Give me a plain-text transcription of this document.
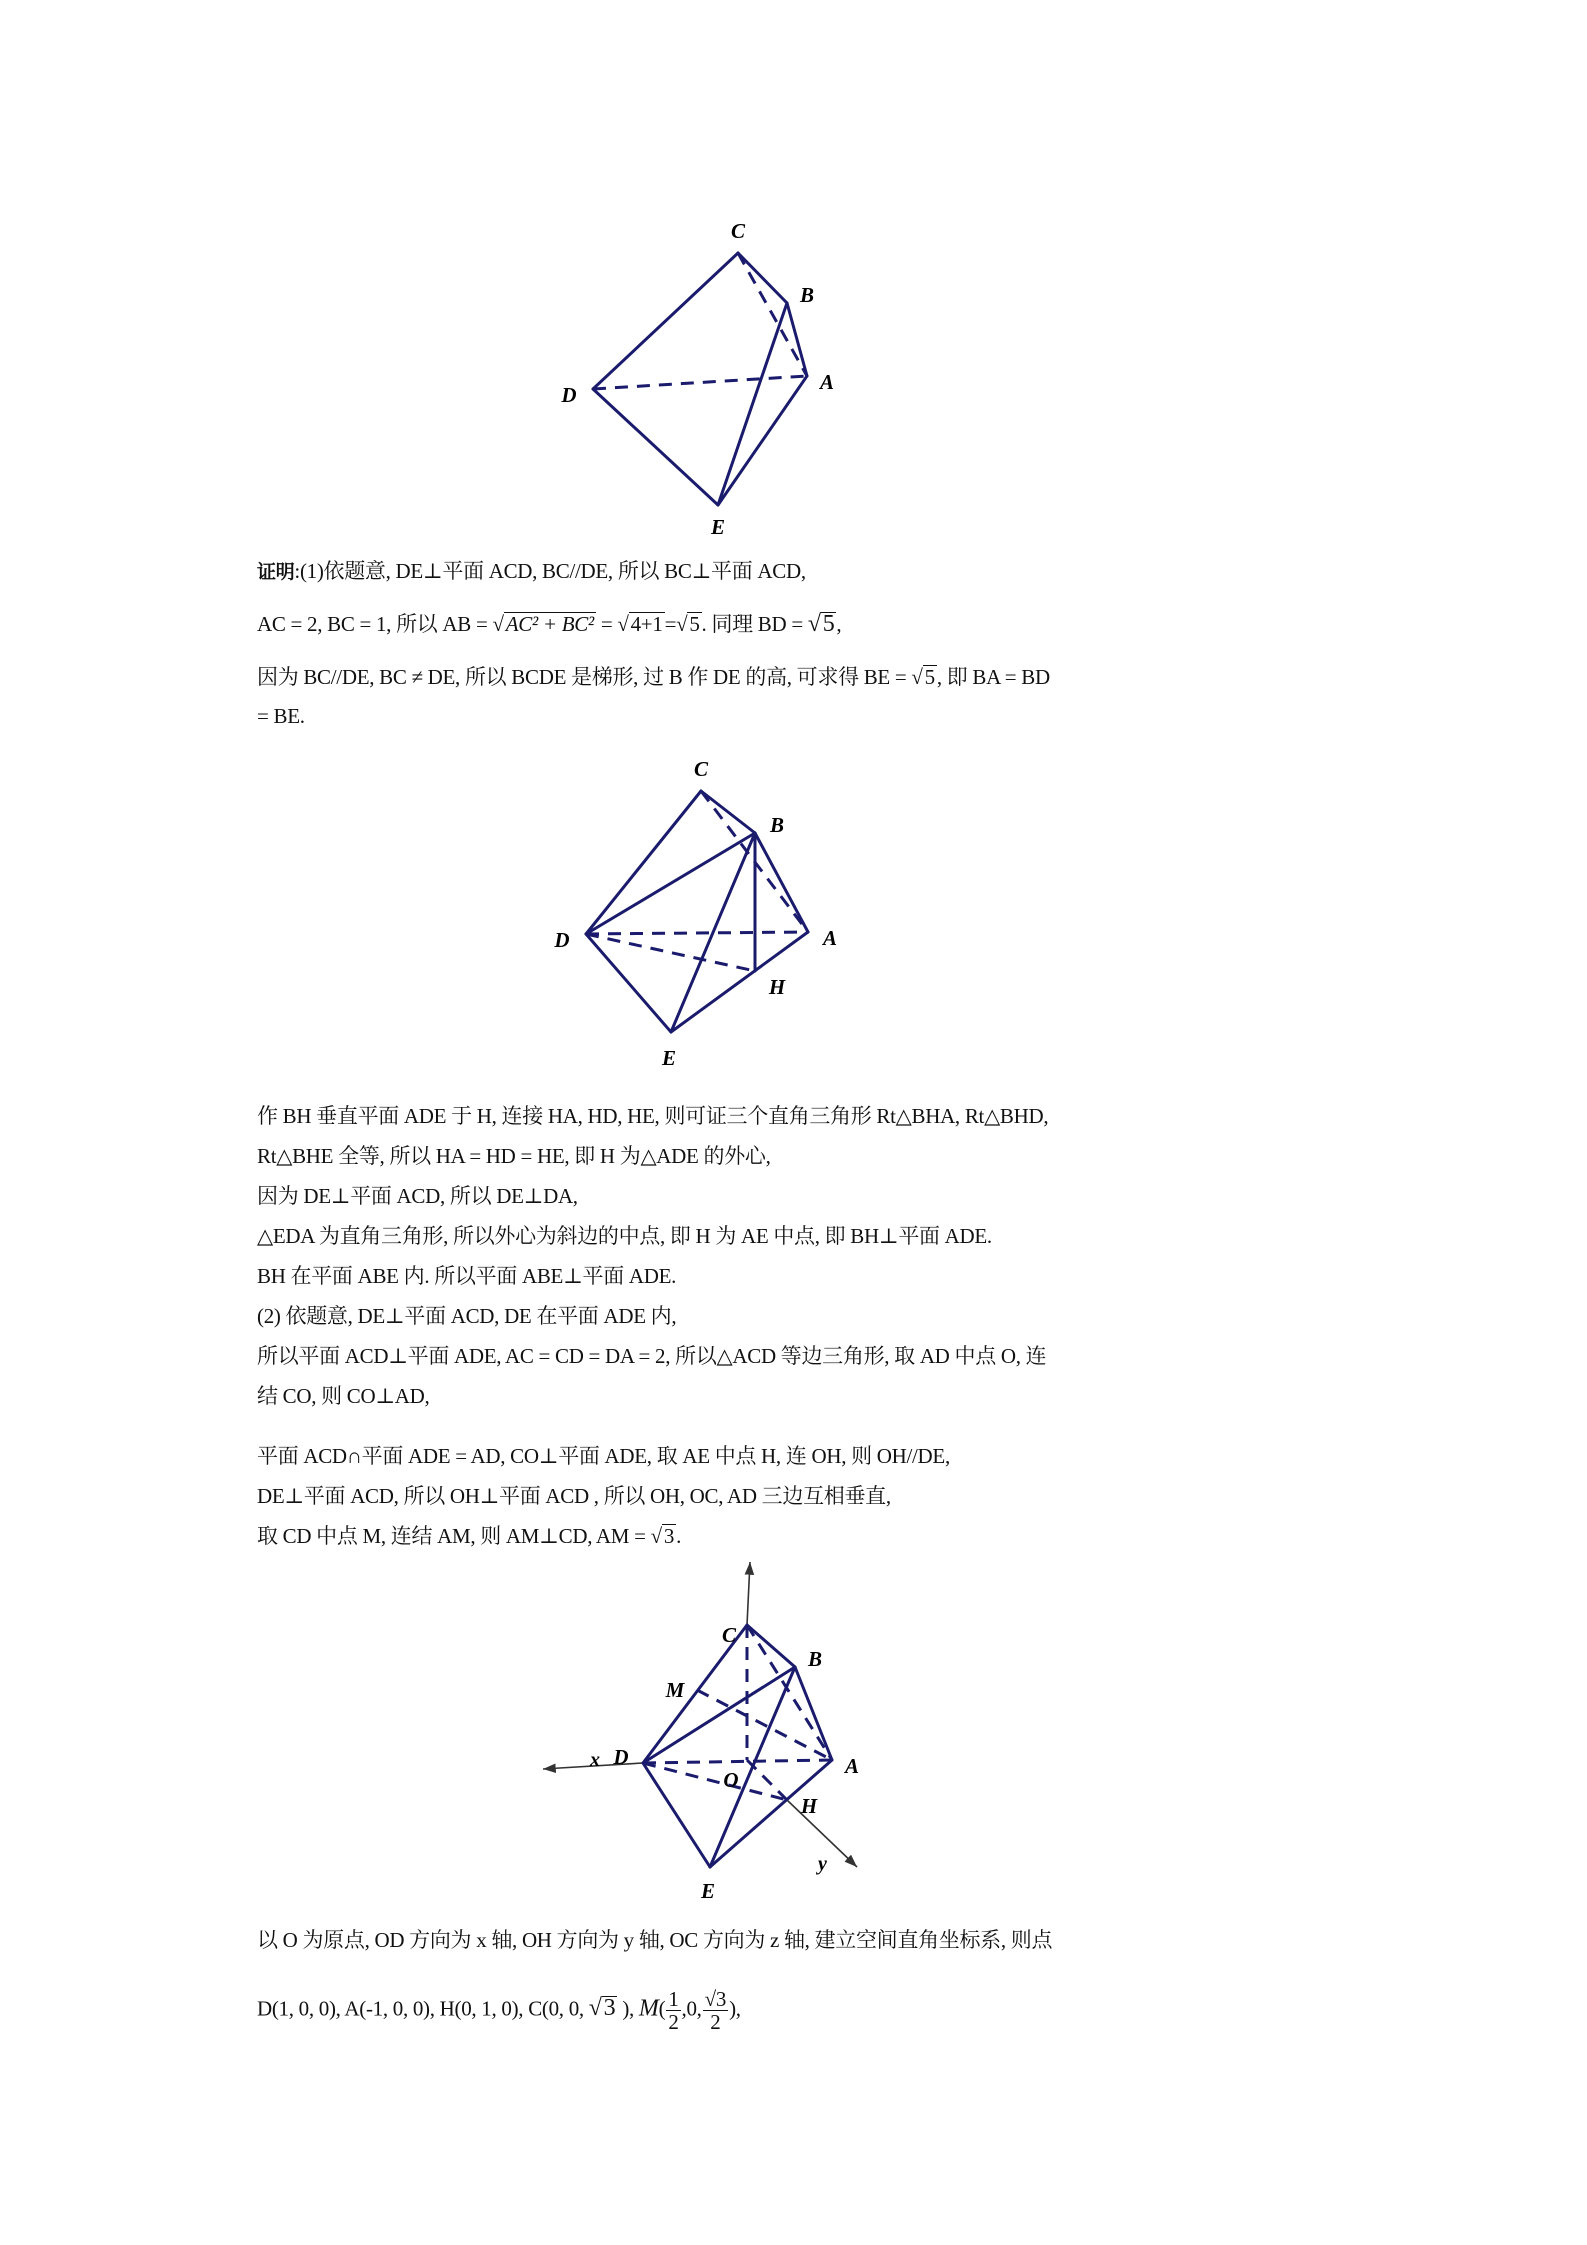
C
B
A
D
E
C
B
A
D
H
E
x
y
C
B
A
D
O
H
E
M
证明:(1)依题意, DE⊥平面 ACD, BC//DE, 所以 BC⊥平面 ACD,
AC = 2, BC = 1, 所以 AB = √AC² + BC² = √4+1=√5. 同理 BD = √5,
因为 BC//DE, BC ≠ DE, 所以 BCDE 是梯形, 过 B 作 DE 的高, 可求得 BE = √5, 即 BA = BD
= BE.
作 BH 垂直平面 ADE 于 H, 连接 HA, HD, HE, 则可证三个直角三角形 Rt△BHA, Rt△BHD,
Rt△BHE 全等, 所以 HA = HD = HE, 即 H 为△ADE 的外心,
因为 DE⊥平面 ACD, 所以 DE⊥DA,
△EDA 为直角三角形, 所以外心为斜边的中点, 即 H 为 AE 中点, 即 BH⊥平面 ADE.
BH 在平面 ABE 内. 所以平面 ABE⊥平面 ADE.
(2) 依题意, DE⊥平面 ACD, DE 在平面 ADE 内,
所以平面 ACD⊥平面 ADE, AC = CD = DA = 2, 所以△ACD 等边三角形, 取 AD 中点 O, 连
结 CO, 则 CO⊥AD,
平面 ACD∩平面 ADE = AD, CO⊥平面 ADE, 取 AE 中点 H, 连 OH, 则 OH//DE,
DE⊥平面 ACD, 所以 OH⊥平面 ACD , 所以 OH, OC, AD 三边互相垂直,
取 CD 中点 M, 连结 AM, 则 AM⊥CD, AM = √3.
以 O 为原点, OD 方向为 x 轴, OH 方向为 y 轴, OC 方向为 z 轴, 建立空间直角坐标系, 则点
D(1, 0, 0), A(-1, 0, 0), H(0, 1, 0), C(0, 0, √3 ), $M( \frac{1}{2} ,0$, $\frac{√3}{2}$ ),
